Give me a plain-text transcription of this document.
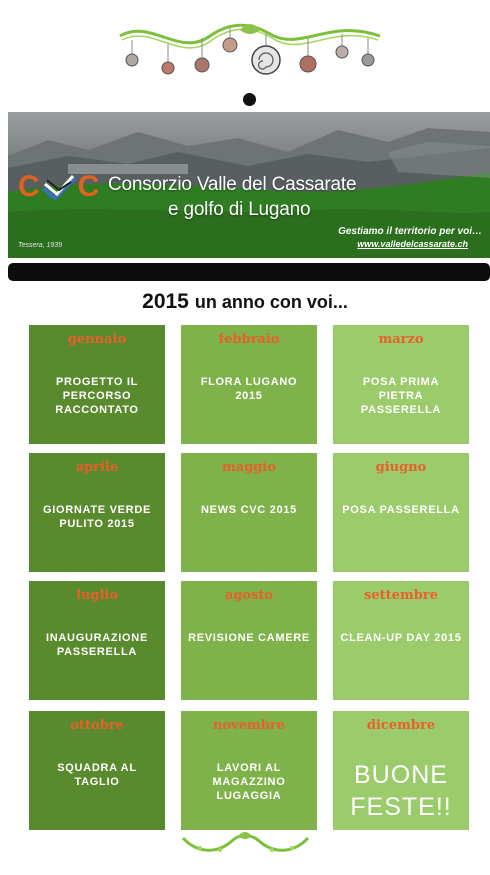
C C Consorzio Valle del Cassarate
e golfo di Lugano
Tessera, 1939
Gestiamo il territorio per voi…
www.valledelcassarate.ch
2015 un anno con voi...
gennaio
PROGETTO IL PERCORSO RACCONTATO
febbraio
FLORA LUGANO 2015
marzo
POSA PRIMA PIETRA PASSERELLA
aprile
GIORNATE VERDE PULITO 2015
maggio
NEWS CVC 2015
giugno
POSA PASSERELLA
luglio
INAUGURAZIONE PASSERELLA
agosto
REVISIONE CAMERE
settembre
CLEAN-UP DAY 2015
ottobre
SQUADRA AL TAGLIO
novembre
LAVORI AL MAGAZZINO LUGAGGIA
dicembre
BUONE FESTE!!
